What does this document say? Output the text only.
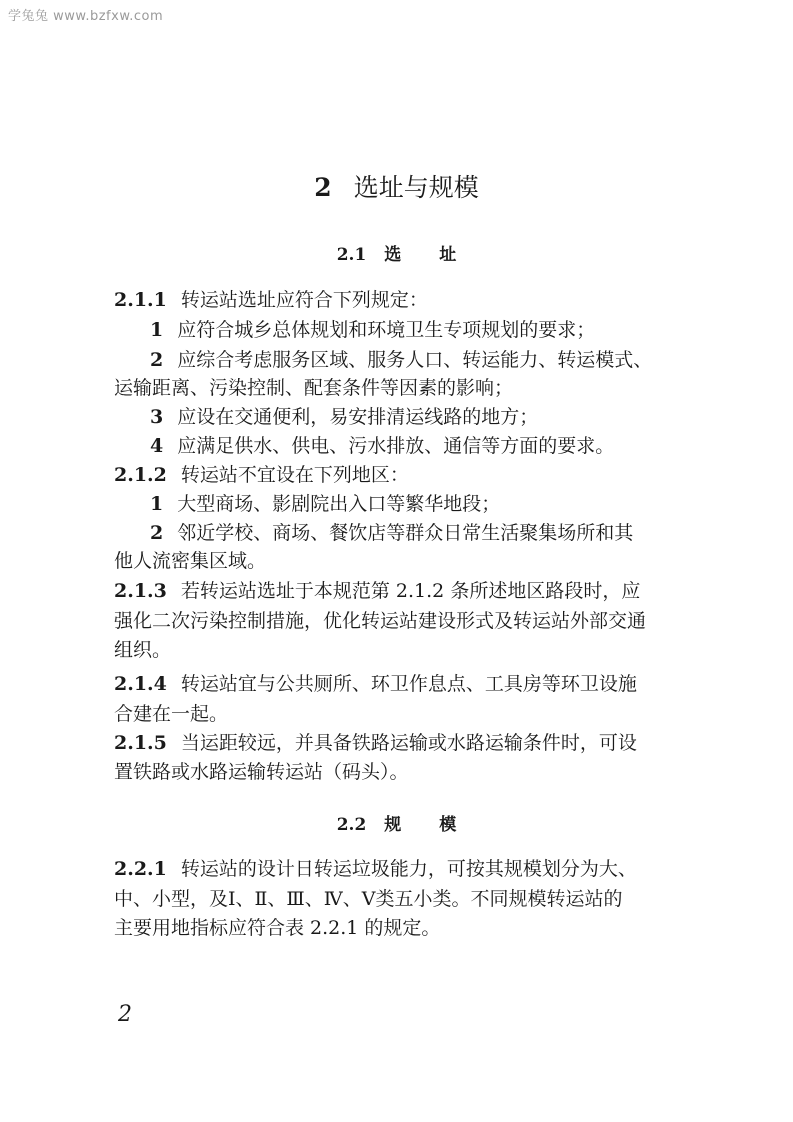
学兔兔 www.bzfxw.com
2 选址与规模
2.1 选 址
2.1.1 转运站选址应符合下列规定：
1 应符合城乡总体规划和环境卫生专项规划的要求；
2 应综合考虑服务区域、服务人口、转运能力、转运模式、
运输距离、污染控制、配套条件等因素的影响；
3 应设在交通便利，易安排清运线路的地方；
4 应满足供水、供电、污水排放、通信等方面的要求。
2.1.2 转运站不宜设在下列地区：
1 大型商场、影剧院出入口等繁华地段；
2 邻近学校、商场、餐饮店等群众日常生活聚集场所和其
他人流密集区域。
2.1.3 若转运站选址于本规范第 2.1.2 条所述地区路段时，应
强化二次污染控制措施，优化转运站建设形式及转运站外部交通
组织。
2.1.4 转运站宜与公共厕所、环卫作息点、工具房等环卫设施
合建在一起。
2.1.5 当运距较远，并具备铁路运输或水路运输条件时，可设
置铁路或水路运输转运站（码头）。
2.2 规 模
2.2.1 转运站的设计日转运垃圾能力，可按其规模划分为大、
中、小型，及Ⅰ、Ⅱ、Ⅲ、Ⅳ、Ⅴ类五小类。不同规模转运站的
主要用地指标应符合表 2.2.1 的规定。
2
